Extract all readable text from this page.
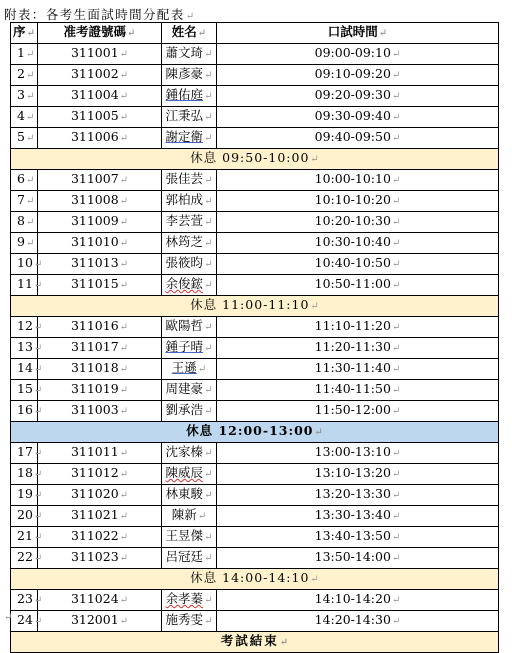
附表：各考生面試時間分配表↵
序↵	准考證號碼↵	姓名↵	口試時間↵
1↵	311001↵	蕭文琦↵	09:00-09:10↵
2↵	311002↵	陳彥豪↵	09:10-09:20↵
3↵	311004↵	鍾佑庭↵	09:20-09:30↵
4↵	311005↵	江秉弘↵	09:30-09:40↵
5↵	311006↵	謝定衛↵	09:40-09:50↵
休息 09:50-10:00↵			
6↵	311007↵	張佳芸↵	10:00-10:10↵
7↵	311008↵	郭柏成↵	10:10-10:20↵
8↵	311009↵	李芸萱↵	10:20-10:30↵
9↵	311010↵	林筠芝↵	10:30-10:40↵
10↵	311013↵	張筱昀↵	10:40-10:50↵
11↵	311015↵	余俊鋐↵	10:50-11:00↵
休息 11:00-11:10↵			
12↵	311016↵	歐陽哲↵	11:10-11:20↵
13↵	311017↵	鍾子晴↵	11:20-11:30↵
14↵	311018↵	王遜↵	11:30-11:40↵
15↵	311019↵	周建豪↵	11:40-11:50↵
16↵	311003↵	劉承浩↵	11:50-12:00↵
休息 12:00-13:00↵			
17↵	311011↵	沈家榛↵	13:00-13:10↵
18↵	311012↵	陳威辰↵	13:10-13:20↵
19↵	311020↵	林東駿↵	13:20-13:30↵
20↵	311021↵	陳新↵	13:30-13:40↵
21↵	311022↵	王昱傑↵	13:40-13:50↵
22↵	311023↵	呂冠廷↵	13:50-14:00↵
休息 14:00-14:10↵			
23↵	311024↵	余孝蓁↵	14:10-14:20↵
24↵	312001↵	施秀雯↵	14:20-14:30↵
考試結束↵			
↵
